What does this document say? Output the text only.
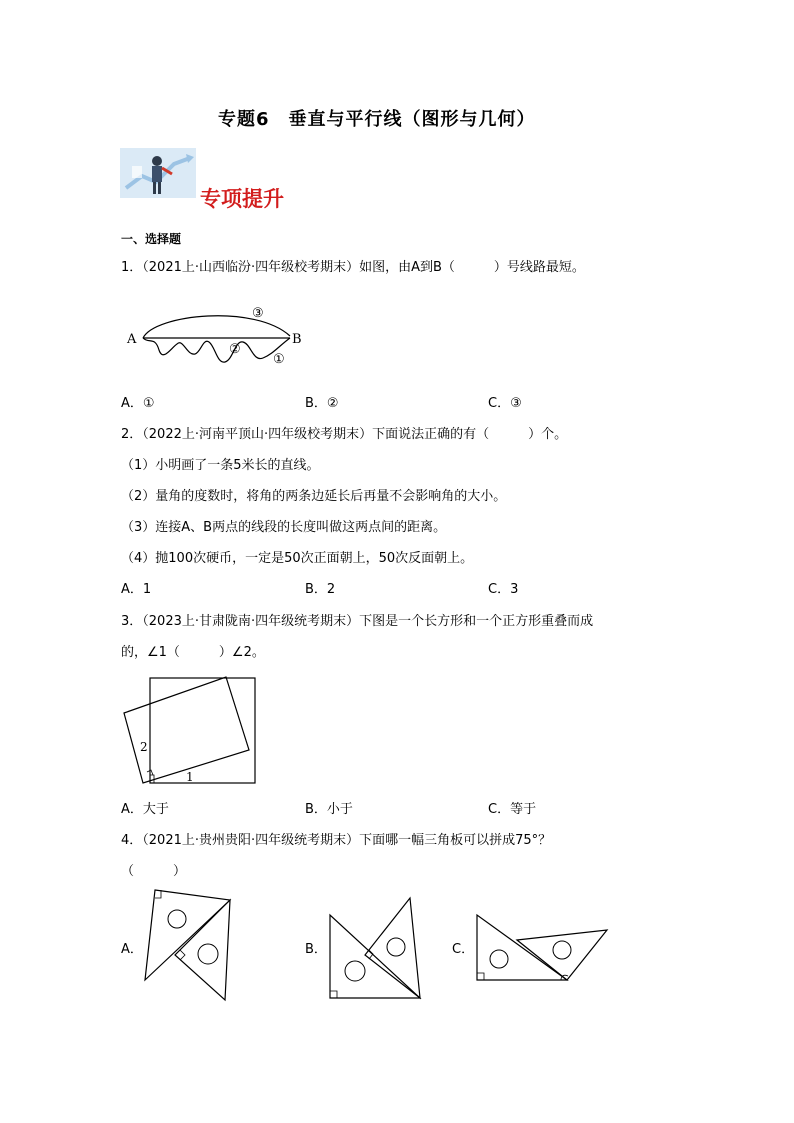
专题6　垂直与平行线（图形与几何）
专项提升
一、选择题
1．（2021上·山西临汾·四年级校考期末）如图，由A到B（　　　）号线路最短。
A	B
③
②
①
A．①	B．②	C．③
2．（2022上·河南平顶山·四年级校考期末）下面说法正确的有（　　　）个。
（1）小明画了一条5米长的直线。
（2）量角的度数时，将角的两条边延长后再量不会影响角的大小。
（3）连接A、B两点的线段的长度叫做这两点间的距离。
（4）抛100次硬币，一定是50次正面朝上，50次反面朝上。
A．1	B．2	C．3
3．（2023上·甘肃陇南·四年级统考期末）下图是一个长方形和一个正方形重叠而成
的，∠1（　　　）∠2。
2
1
A．大于	B．小于	C．等于
4．（2021上·贵州贵阳·四年级统考期末）下面哪一幅三角板可以拼成75°？
（　　　）
A．	B．	C．
